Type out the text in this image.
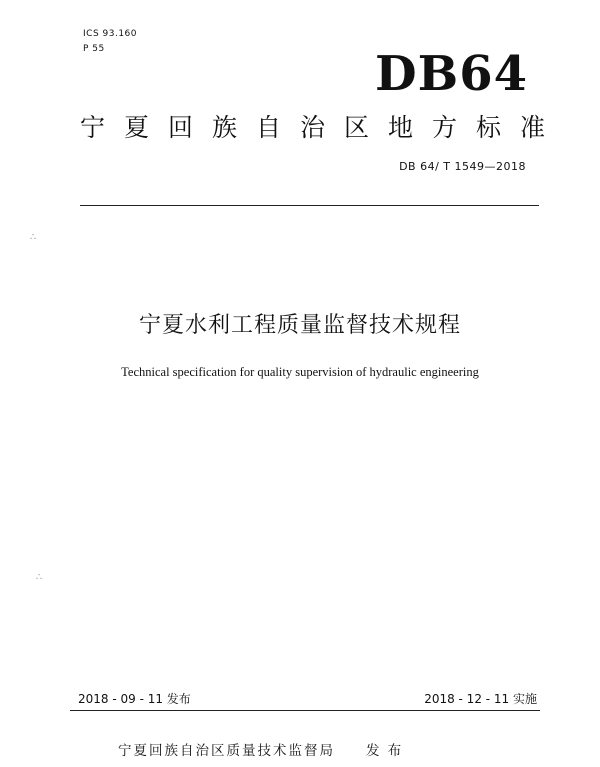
ICS 93.160
P 55	DB64
宁夏回族自治区地方标准
DB 64/ T 1549—2018
∴
∴
宁夏水利工程质量监督技术规程
Technical specification for quality supervision of hydraulic engineering
2018 - 09 - 11 发布	2018 - 12 - 11 实施
宁夏回族自治区质量技术监督局　　发 布
